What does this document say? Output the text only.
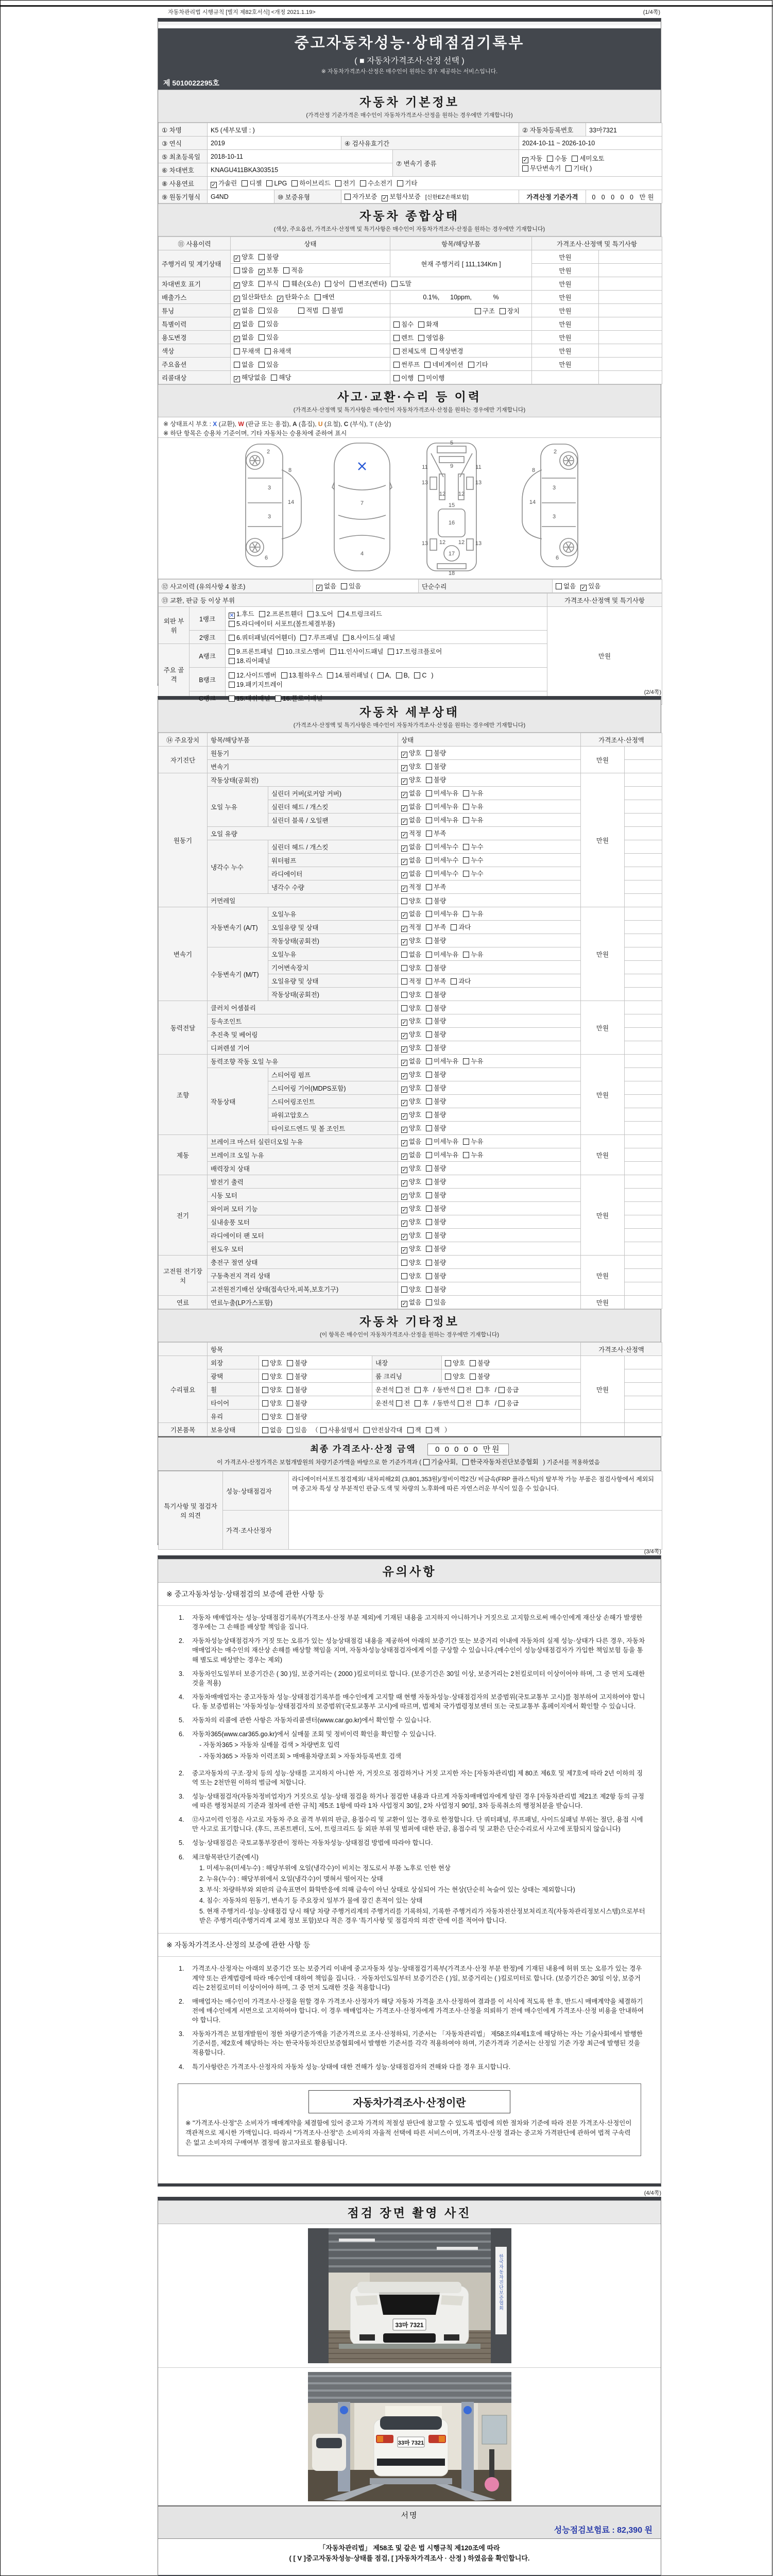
자동차관리법 시행규칙 [별지 제82호서식] <개정 2021.1.19>	(1/4쪽)
중고자동차성능·상태점검기록부
( ■ 자동차가격조사·산정 선택 )
※ 자동차가격조사·산정은 매수인이 원하는 경우 제공하는 서비스입니다.
제 5010022295호
자동차 기본정보
(가격산정 기준가격은 매수인이 자동차가격조사·산정을 원하는 경우에만 기재합니다)
① 차명	K5 (세부모델 : )				② 자동차등록번호	33마7321
③ 연식	2019		④ 검사유효기간		2024-10-11 ~ 2026-10-10	
⑤ 최초등록일	2018-10-11			⑦ 변속기 종류	✓ 자동 수동 세미오토
무단변속기 기타( )	
⑥ 차대번호	KNAGU411BKA303515					
⑧ 사용연료	✓ 가솔린 디젤 LPG 하이브리드 전기 수소전기 기타					
⑨ 원동기형식	G4ND	⑩ 보증유형	자가보증 ✓ 보험사보증 [신한EZ손해보험]		가격산정 기준가격	0 0 0 0 0 만원
자동차 종합상태
(색상, 주요옵션, 가격조사·산정액 및 특기사항은 매수인이 자동차가격조사·산정을 원하는 경우에만 기재합니다)
⑪ 사용이력	상태	항목/해당부품	가격조사·산정액 및 특기사항	
주행거리 및 계기상태	✓ 양호 불량	현재 주행거리 [ 111,134Km ]	만원	
	많음 ✓ 보통 적음		만원	
차대번호 표기	✓ 양호 부식 훼손(오손) 상이 변조(변타) 도말		만원	
배출가스	✓ 일산화탄소 ✓ 탄화수소 매연	0.1%,      10ppm,            %	만원	
튜닝	✓ 없음 있음　　 적법 불법	구조 장치	만원	
특별이력	✓ 없음 있음	침수 화재	만원	
용도변경	✓ 없음 있음	렌트 영업용	만원	
색상	무채색 유채색	전체도색 색상변경	만원	
주요옵션	없음 있음	썬루프 네비게이션 기타	만원	
리콜대상	✓ 해당없음 해당	이행 미이행		
사고·교환·수리 등 이력
(가격조사·산정액 및 특기사항은 매수인이 자동차가격조사·산정을 원하는 경우에만 기재합니다)
※ 상태표시 부호 : X (교환), W (판금 또는 용접), A (흠집), U (요철), C (부식), T (손상)
※ 하단 항목은 승용차 기준이며, 기타 자동차는 승용차에 준하여 표시
2
8
3
14
3
6
2
8
3
14
3
6
7
4
5
9
11	11
13	13
12 12
15
16
13	13
12 12
17
18
⑫ 사고이력 (유의사항 4 참조)	✓ 없음 있음	단순수리	없음 ✓ 있음
⑬ 교환, 판금 등 이상 부위			가격조사·산정액 및 특기사항
외판 부위	1랭크	✕ 1.후드 2.프론트휀더 3.도어 4.트렁크리드
5.라디에이터 서포트(볼트체결부품)	만원
	2랭크	6.쿼터패널(리어휀더) 7.루프패널 8.사이드실 패널	
주요 골격	A랭크	9.프론트패널 10.크로스멤버 11.인사이드패널 17.트렁크플로어
18.리어패널	
	B랭크	12.사이드멤버 13.휠하우스 14.필러패널 ( A, B, C )
19.패키지트레이	
	C랭크	15.대쉬패널 16.플로어패널	
(2/4쪽)
자동차 세부상태
(가격조사·산정액 및 특기사항은 매수인이 자동차가격조사·산정을 원하는 경우에만 기재합니다)
⑭ 주요장치	항목/해당부품		상태	가격조사·산정액	
자기진단	원동기		✓ 양호 불량	만원	
	변속기		✓ 양호 불량		
원동기	작동상태(공회전)		✓ 양호 불량	만원	
	오일 누유	실린더 커버(로커암 커버)	✓ 없음 미세누유 누유		
		실린더 헤드 / 개스킷	✓ 없음 미세누유 누유		
		실린더 블록 / 오일팬	✓ 없음 미세누유 누유		
	오일 유량		✓ 적정 부족		
	냉각수 누수	실린더 헤드 / 개스킷	✓ 없음 미세누수 누수		
		워터펌프	✓ 없음 미세누수 누수		
		라디에이터	✓ 없음 미세누수 누수		
		냉각수 수량	✓ 적정 부족		
	커먼레일		양호 불량		
변속기	자동변속기 (A/T)	오일누유	✓ 없음 미세누유 누유	만원	
		오일유량 및 상태	✓ 적정 부족 과다		
		작동상태(공회전)	✓ 양호 불량		
	수동변속기 (M/T)	오일누유	없음 미세누유 누유		
		기어변속장치	양호 불량		
		오일유량 및 상태	적정 부족 과다		
		작동상태(공회전)	양호 불량		
동력전달	클러치 어셈블리		양호 불량	만원	
	등속조인트		✓ 양호 불량		
	추진축 및 베어링		✓ 양호 불량		
	디퍼렌셜 기어		✓ 양호 불량		
조향	동력조향 작동 오일 누유		✓ 없음 미세누유 누유	만원	
	작동상태	스티어링 펌프	✓ 양호 불량		
		스티어링 기어(MDPS포함)	✓ 양호 불량		
		스티어링조인트	✓ 양호 불량		
		파워고압호스	✓ 양호 불량		
		타이로드엔드 및 볼 조인트	✓ 양호 불량		
제동	브레이크 마스터 실린더오일 누유		✓ 없음 미세누유 누유	만원	
	브레이크 오일 누유		✓ 없음 미세누유 누유		
	배력장치 상태		✓ 양호 불량		
전기	발전기 출력		✓ 양호 불량	만원	
	시동 모터		✓ 양호 불량		
	와이퍼 모터 기능		✓ 양호 불량		
	실내송풍 모터		✓ 양호 불량		
	라디에이터 팬 모터		✓ 양호 불량		
	윈도우 모터		✓ 양호 불량		
고전원 전기장치	충전구 절연 상태		양호 불량	만원	
	구동축전지 격리 상태		양호 불량		
	고전원전기배선 상태(접속단자,피복,보호기구)		양호 불량		
연료	연료누출(LP가스포함)		✓ 없음 있음	만원	
자동차 기타정보
(이 항목은 매수인이 자동차가격조사·산정을 원하는 경우에만 기재합니다)
	항목				가격조사·산정액	
수리필요	외장	양호 불량	내장	양호 불량	만원	
	광택	양호 불량	룸 크리닝	양호 불량		
	휠	양호 불량	운전석 전 후 / 동반석 전 후 / 응급			
	타이어	양호 불량	운전석 전 후 / 동반석 전 후 / 응급			
	유리	양호 불량				
기본품목	보유상태	없음 있음 （ 사용설명서 안전삼각대 잭 잭 ）				
최종 가격조사·산정 금액 0 0 0 0 0 만원
이 가격조사·산정가격은 보험개발원의 차량기준가액을 바탕으로 한 기준가격과 ( 기술사회, 한국자동차진단보증협회 ) 기준서를 적용하였음
특기사항 및 점검자의 의견	성능·상태점검자	라디에이터서포트점검제외/ 내차피해2회 (3,801,353원)/정비이력2건/ 비금속(FRP 플라스틱)의 탈부착 가능 부품은 점검사항에서 제외되며 중고차 특성 상 부분적인 판금·도색 및 차량의 노후화에 따른 자연스러운 부식이 있을 수 있습니다.
	가격·조사산정자	
(3/4쪽)
유의사항
※ 중고자동차성능·상태점검의 보증에 관한 사항 등
1.	자동차 매매업자는 성능·상태점검기록부(가격조사·산정 부분 제외)에 기재된 내용을 고지하지 아니하거나 거짓으로 고지함으로써 매수인에게 재산상 손해가 발생한 경우에는 그 손해를 배상할 책임을 집니다.
2.	자동차성능상태점검자가 거짓 또는 오류가 있는 성능상태점검 내용을 제공하여 아래의 보증기간 또는 보증거리 이내에 자동차의 실제 성능·상태가 다른 경우, 자동차매매업자는 매수인의 재산상 손해를 배상할 책임을 지며, 자동차성능상태점검자에게 이를 구상할 수 있습니다.(매수인이 성능상태점검자가 가입한 책임보험 등을 통해 별도로 배상받는 경우는 제외)
3.	자동차인도일부터 보증기간은 ( 30 )일, 보증거리는 ( 2000 )킬로미터로 합니다. (보증기간은 30일 이상, 보증거리는 2천킬로미터 이상이어야 하며, 그 중 먼저 도래한 것을 적용)
4.	자동차매매업자는 중고자동차 성능·상태점검기록부를 매수인에게 고지할 때 현행 자동차성능·상태점검자의 보증범위(국토교통부 고시)를 첨부하여 고지하여야 합니다. 동 보증범위는 '자동차성능·상태점검자의 보증범위'(국토교통부 고시)에 따르며, 법제처 국가법령정보센터 또는 국토교통부 홈페이지에서 확인할 수 있습니다.
5.	자동차의 리콜에 관한 사항은 자동차리콜센터(www.car.go.kr)에서 확인할 수 있습니다.
6.	자동차365(www.car365.go.kr)에서 실매물 조회 및 정비이력 확인을 확인할 수 있습니다.
- 자동차365 > 자동차 실매물 검색 > 차량번호 입력
- 자동차365 > 자동차 이력조회 > 매매용차량조회 > 자동차등록번호 검색
2.	중고자동차의 구조·장치 등의 성능·상태를 고지하지 아니한 자, 거짓으로 점검하거나 거짓 고지한 자는 [자동차관리법] 제 80조 제6호 및 제7호에 따라 2년 이하의 징역 또는 2천만원 이하의 벌금에 처합니다.
3.	성능·상태점검자(자동차정비업자)가 거짓으로 성능·상태 점검을 하거나 점검한 내용과 다르게 자동차매매업자에게 알린 경우 [자동차관리법 제21조 제2항 등의 규정에 따른 행정처분의 기준과 절차에 관한 규칙] 제5조 1항에 따라 1차 사업정지 30일, 2차 사업정지 90일, 3차 등록취소의 행정처분을 받습니다.
4.	⑫사고이력 인정은 사고로 자동차 주요 골격 부위의 판금, 용접수리 및 교환이 있는 경우로 한정합니다. 단 쿼터패널, 루프패널, 사이드실패널 부위는 절단, 용접 시에만 사고로 표기합니다. (후드, 프론트펜더, 도어, 트렁크리드 등 외판 부위 및 범퍼에 대한 판금, 용접수리 및 교환은 단순수리로서 사고에 포함되지 않습니다)
5.	성능·상태점검은 국토교통부장관이 정하는 자동차성능·상태점검 방법에 따라야 합니다.
6.	체크항목판단기준(예시)
1. 미세누유(미세누수) : 해당부위에 오일(냉각수)이 비치는 정도로서 부품 노후로 인한 현상
2. 누유(누수) : 해당부위에서 오일(냉각수)이 맺혀서 떨어지는 상태
3. 부식: 차량하부와 외판의 금속표면이 화학반응에 의해 금속이 아닌 상태로 상실되어 가는 현상(단순히 녹슬어 있는 상태는 제외합니다)
4. 침수: 자동차의 원동기, 변속기 등 주요장치 일부가 물에 잠긴 흔적이 있는 상태
5. 현재 주행거리·성능·상태점검 당시 해당 차량 주행거리계의 주행거리를 기록하되, 기록한 주행거리가 자동차전산정보처리조직(자동차관리정보시스템)으로부터 받은 주행거리(주행거리계 교체 정보 포함)보다 적은 경우 '특기사항 및 점검자의 의견' 란에 이를 적어야 합니다.
※ 자동차가격조사·산정의 보증에 관한 사항 등
1.	가격조사·산정자는 아래의 보증기간 또는 보증거리 이내에 중고자동차 성능·상태점검기록부(가격조사·산정 부분 한정)에 기재된 내용에 허위 또는 오류가 있는 경우 계약 또는 관계법령에 따라 매수인에 대하여 책임을 집니다. · 자동차인도일부터 보증기간은 ( )일, 보증거리는 ( )킬로미터로 합니다. (보증기간은 30일 이상, 보증거리는 2천킬로미터 이상이어야 하며, 그 중 먼저 도래한 것을 적용합니다)
2.	매매업자는 매수인이 가격조사·산정을 원할 경우 가격조사·산정자가 해당 자동차 가격을 조사·산정하여 결과를 이 서식에 적도록 한 후, 반드시 매매계약을 체결하기 전에 매수인에게 서면으로 고지하여야 합니다. 이 경우 매매업자는 가격조사·산정자에게 가격조사·산정을 의뢰하기 전에 매수인에게 가격조사·산정 비용을 안내하여야 합니다.
3.	자동차가격은 보험개발원이 정한 차량기준가액을 기준가격으로 조사·산정하되, 기준서는 「자동차관리법」 제58조의4제1호에 해당하는 자는 기술사회에서 발행한 기준서를, 제2호에 해당하는 자는 한국자동차진단보증협회에서 발행한 기준서를 각각 적용하여야 하며, 기준가격과 기준서는 산정일 기준 가장 최근에 발행된 것을 적용합니다.
4.	특기사항란은 가격조사·산정자의 자동차 성능·상태에 대한 견해가 성능·상태점검자의 견해와 다를 경우 표시합니다.
자동차가격조사·산정이란
※ "가격조사·산정"은 소비자가 매매계약을 체결함에 있어 중고차 가격의 적절성 판단에 참고할 수 있도록 법령에 의한 절차와 기준에 따라 전문 가격조사·산정인이 객관적으로 제시한 가액입니다. 따라서 "가격조사·산정"은 소비자의 자율적 선택에 따른 서비스이며, 가격조사·산정 결과는 중고차 가격판단에 관하여 법적 구속력은 없고 소비자의 구매여부 결정에 참고자료로 활용됩니다.
(4/4쪽)
점검 장면 촬영 사진
한국자동차진단보증협회
33마 7321
33마 7321
서명
성능점검보험료 : 82,390 원
「자동차관리법」 제58조 및 같은 법 시행규칙 제120조에 따라
( [ V ]중고자동차성능·상태를 점검, [ ]자동차가격조사 · 산정 ) 하였음을 확인합니다.
